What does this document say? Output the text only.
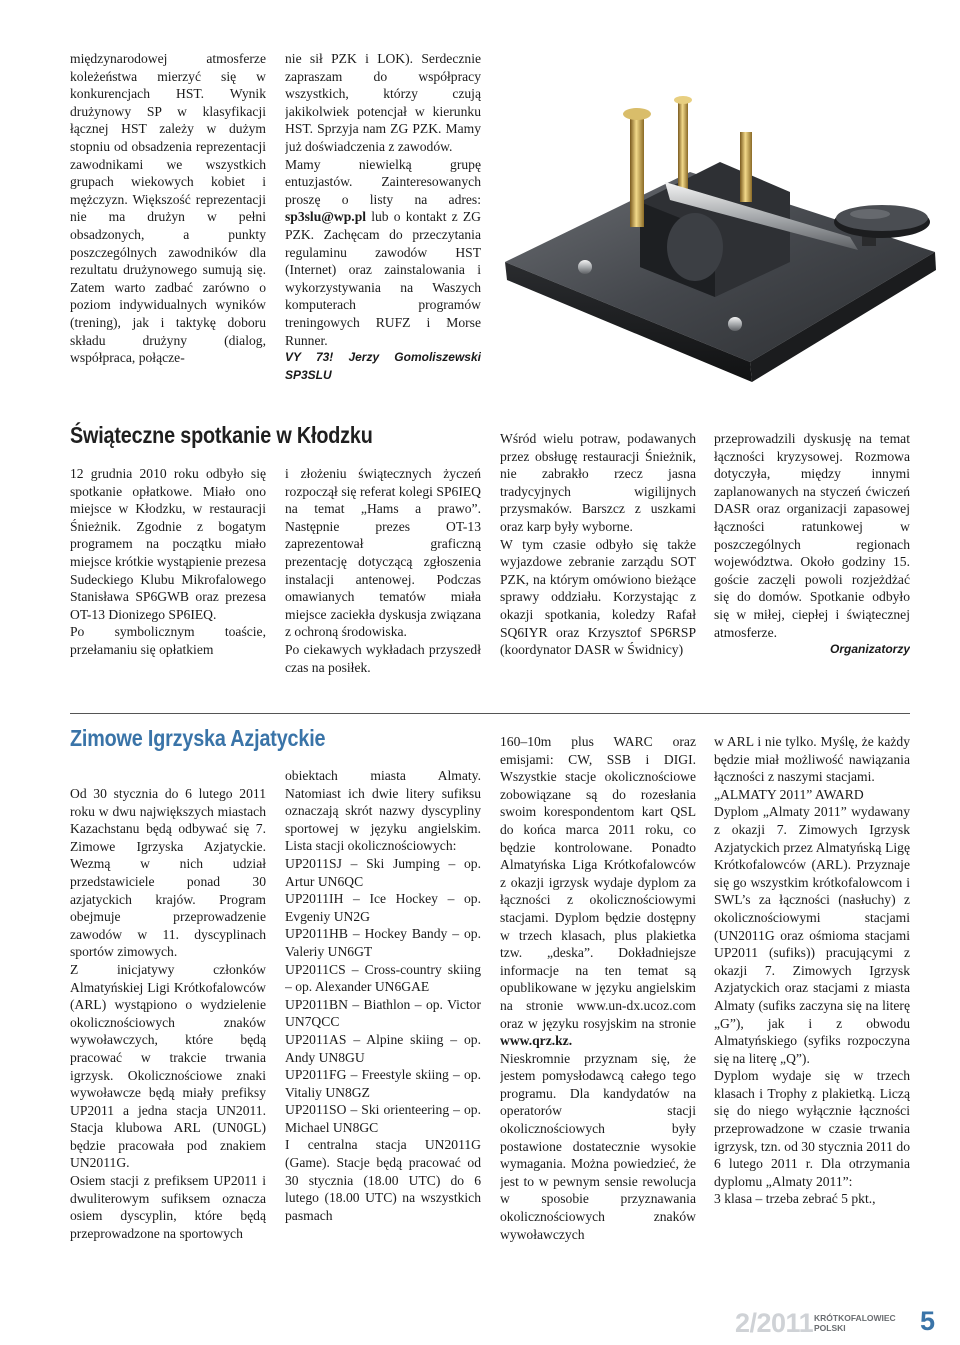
międzynarodowej atmosferze koleżeństwa mierzyć się w konkurencjach HST. Wynik drużynowy SP w klasyfikacji łącznej HST zależy w dużym stopniu od obsadzenia reprezentacji zawodnikami we wszystkich grupach wiekowych kobiet i mężczyzn. Większość reprezentacji nie ma drużyn w pełni obsadzonych, a punkty poszczególnych zawodników dla rezultatu drużynowego sumują się. Zatem warto zadbać zarówno o poziom indywidualnych wyników (trening), jak i taktykę doboru składu drużyny (dialog, współpraca, połącze-

nie sił PZK i LOK). Serdecznie zapraszam do współpracy wszystkich, którzy czują jakikolwiek potencjał w kierunku HST. Sprzyja nam ZG PZK. Mamy już doświadczenia z zawodów.

Mamy niewielką grupę entuzjastów. Zainteresowanych proszę o listy na adres: sp3slu@wp.pl lub o kontakt z ZG PZK. Zachęcam do przeczytania regulaminu zawodów HST (Internet) oraz zainstalowania i wykorzystywania na Waszych komputerach programów treningowych RUFZ i Morse Runner.

VY 73! Jerzy Gomoliszewski SP3SLU

Świąteczne spotkanie w Kłodzku

12 grudnia 2010 roku odbyło się spotkanie opłatkowe. Miało ono miejsce w Kłodzku, w restauracji Śnieżnik. Zgodnie z bogatym programem na początku miało miejsce krótkie wystąpienie prezesa Sudeckiego Klubu Mikrofalowego Stanisława SP6GWB oraz prezesa OT-13 Dionizego SP6IEQ.

Po symbolicznym toaście, przełamaniu się opłatkiem

i złożeniu świątecznych życzeń rozpoczął się referat kolegi SP6IEQ na temat „Hams a prawo”. Następnie prezes OT-13 zaprezentował graficzną prezentację dotyczącą zgłoszenia instalacji antenowej. Podczas omawianych tematów miała miejsce zaciekła dyskusja związana z ochroną środowiska.

Po ciekawych wykładach przyszedł czas na posiłek.

Wśród wielu potraw, podawanych przez obsługę restauracji Śnieżnik, nie zabrakło rzecz jasna tradycyjnych wigilijnych przysmaków. Barszcz z uszkami oraz karp były wyborne.

W tym czasie odbyło się także wyjazdowe zebranie zarządu SOT PZK, na którym omówiono bieżące sprawy oddziału. Korzystając z okazji spotkania, koledzy Rafał SQ6IYR oraz Krzysztof SP6RSP (koordynator DASR w Świdnicy)

przeprowadzili dyskusję na temat łączności kryzysowej. Rozmowa dotyczyła, między innymi zaplanowanych na styczeń ćwiczeń DASR oraz organizacji zapasowej łączności ratunkowej w poszczególnych regionach województwa. Około godziny 15. goście zaczęli powoli rozjeżdżać się do domów. Spotkanie odbyło się w miłej, ciepłej i świątecznej atmosferze.

Organizatorzy

Zimowe Igrzyska Azjatyckie

Od 30 stycznia do 6 lutego 2011 roku w dwu największych miastach Kazachstanu będą odbywać się 7. Zimowe Igrzyska Azjatyckie. Wezmą w nich udział przedstawiciele ponad 30 azjatyckich krajów. Program obejmuje przeprowadzenie zawodów w 11. dyscyplinach sportów zimowych.

Z inicjatywy członków Almatyńskiej Ligi Krótkofalowców (ARL) wystąpiono o wydzielenie okolicznościowych znaków wywoławczych, które będą pracować w trakcie trwania igrzysk. Okolicznościowe znaki wywoławcze będą miały prefiksy UP2011 a jedna stacja UN2011. Stacja klubowa ARL (UN0GL) będzie pracowała pod znakiem UN2011G.

Osiem stacji z prefiksem UP2011 i dwuliterowym sufiksem oznacza osiem dyscyplin, które będą przeprowadzone na sportowych

obiektach miasta Almaty. Natomiast ich dwie litery sufiksu oznaczają skrót nazwy dyscypliny sportowej w języku angielskim. Lista stacji okolicznościowych:

UP2011SJ – Ski Jumping – op. Artur UN6QC

UP2011IH – Ice Hockey – op. Evgeniy UN2G

UP2011HB – Hockey Bandy – op. Valeriy UN6GT

UP2011CS – Cross-country skiing – op. Alexander UN6GAE

UP2011BN – Biathlon – op. Victor UN7QCC

UP2011AS – Alpine skiing – op. Andy UN8GU

UP2011FG – Freestyle skiing – op. Vitaliy UN8GZ

UP2011SO – Ski orienteering – op. Michael UN8GC

I centralna stacja UN2011G (Game). Stacje będą pracować od 30 stycznia (18.00 UTC) do 6 lutego (18.00 UTC) na wszystkich pasmach

160–10m plus WARC oraz emisjami: CW, SSB i DIGI. Wszystkie stacje okolicznościowe zobowiązane są do rozesłania swoim korespondentom kart QSL do końca marca 2011 roku, co będzie kontrolowane. Ponadto Almatyńska Liga Krótkofalowców z okazji igrzysk wydaje dyplom za łączności z okolicznościowymi stacjami. Dyplom będzie dostępny w trzech klasach, plus plakietka tzw. „deska”. Dokładniejsze informacje na ten temat są opublikowane w języku angielskim na stronie www.un-dx.ucoz.com oraz w języku rosyjskim na stronie www.qrz.kz.

Nieskromnie przyznam się, że jestem pomysłodawcą całego tego programu. Dla kandydatów na operatorów stacji okolicznościowych były postawione dostatecznie wysokie wymagania. Można powiedzieć, że jest to w pewnym sensie rewolucja w sposobie przyznawania okolicznościowych znaków wywoławczych

w ARL i nie tylko. Myślę, że każdy będzie miał możliwość nawiązania łączności z naszymi stacjami.

„ALMATY 2011” AWARD

Dyplom „Almaty 2011” wydawany z okazji 7. Zimowych Igrzysk Azjatyckich przez Almatyńską Ligę Krótkofalowców (ARL). Przyznaje się go wszystkim krótkofalowcom i SWL’s za łączności (nasłuchy) z okolicznościowymi stacjami (UN2011G oraz ośmioma stacjami UP2011 (sufiks)) pracującymi z okazji 7. Zimowych Igrzysk Azjatyckich oraz stacjami z miasta Almaty (sufiks zaczyna się na literę „G”), jak i z obwodu Almatyńskiego (syfiks rozpoczyna się na literę „Q”).

Dyplom wydaje się w trzech klasach i Trophy z plakietką. Liczą się do niego wyłącznie łączności przeprowadzone w czasie trwania igrzysk, tzn. od 30 stycznia 2011 do 6 lutego 2011 r. Dla otrzymania dyplomu „Almaty 2011”:

3 klasa – trzeba zebrać 5 pkt.,

2/2011 KRÓTKOFALOWIEC
POLSKI	5
